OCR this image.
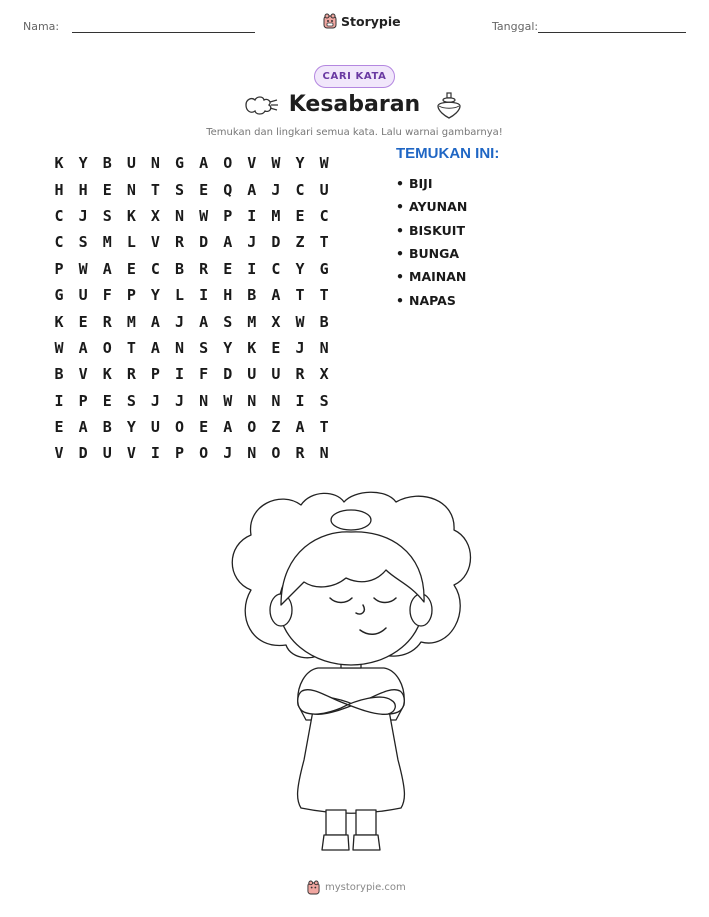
Nama:	Storypie	Tanggal:
CARI KATA
Kesabaran
Temukan dan lingkari semua kata. Lalu warnai gambarnya!
K	Y	B	U	N	G	A	O	V	W	Y	W
H	H	E	N	T	S	E	Q	A	J	C	U
C	J	S	K	X	N	W	P	I	M	E	C
C	S	M	L	V	R	D	A	J	D	Z	T
P	W	A	E	C	B	R	E	I	C	Y	G
G	U	F	P	Y	L	I	H	B	A	T	T
K	E	R	M	A	J	A	S	M	X	W	B
W	A	O	T	A	N	S	Y	K	E	J	N
B	V	K	R	P	I	F	D	U	U	R	X
I	P	E	S	J	J	N	W	N	N	I	S
E	A	B	Y	U	O	E	A	O	Z	A	T
V	D	U	V	I	P	O	J	N	O	R	N
TEMUKAN INI:
• BIJI
• AYUNAN
• BISKUIT
• BUNGA
• MAINAN
• NAPAS
mystorypie.com
